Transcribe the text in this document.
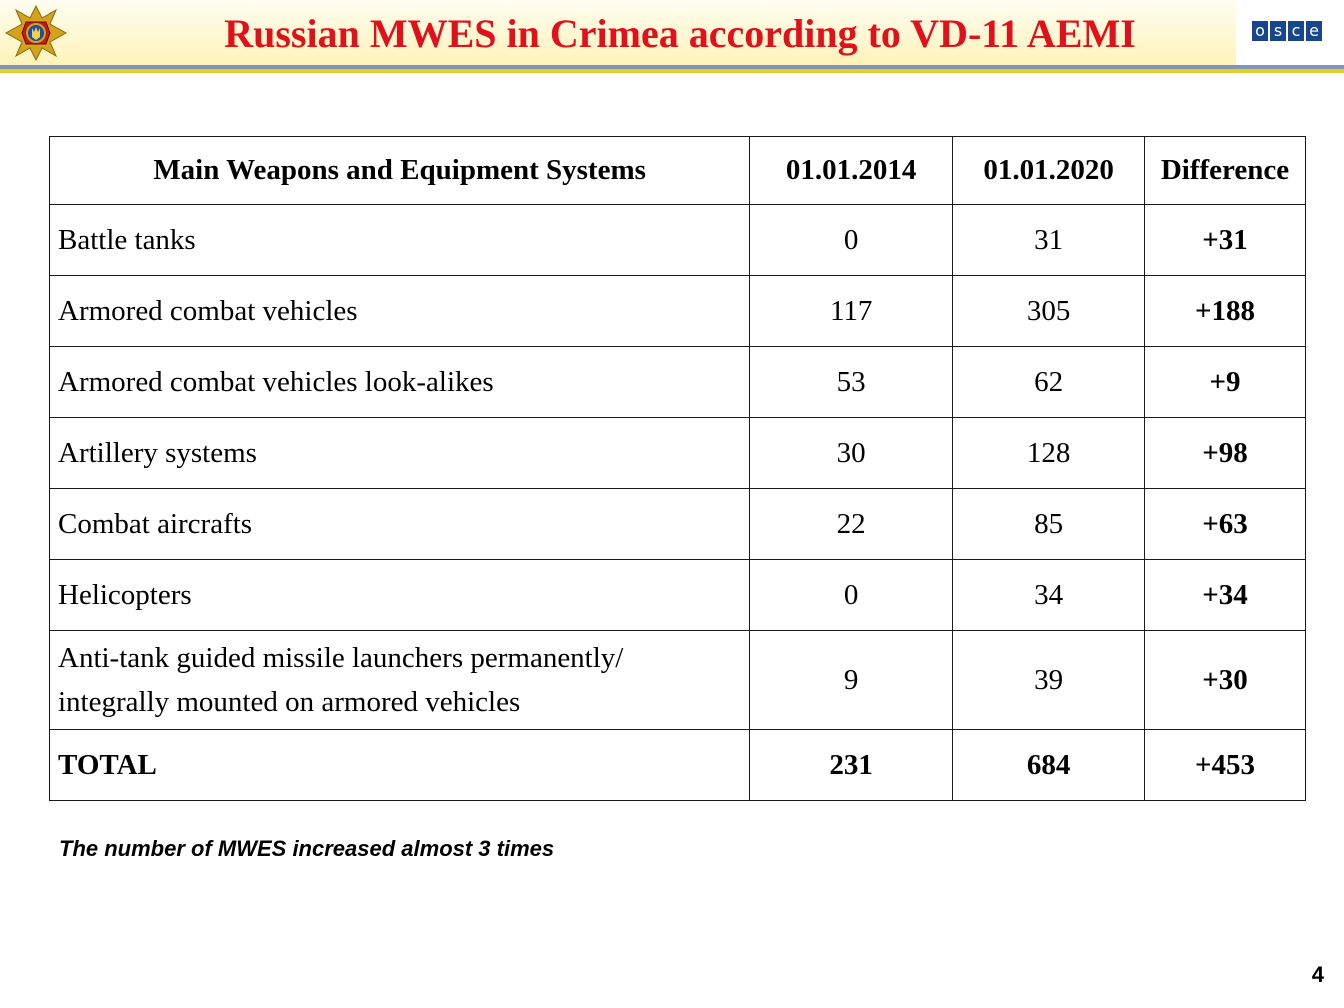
Russian MWES in Crimea according to VD-11 AEMI	o s c e
Main Weapons and Equipment Systems	01.01.2014	01.01.2020	Difference
Battle tanks	0	31	+31
Armored combat vehicles	117	305	+188
Armored combat vehicles look-alikes	53	62	+9
Artillery systems	30	128	+98
Combat aircrafts	22	85	+63
Helicopters	0	34	+34
Anti-tank guided missile launchers permanently/
integrally mounted on armored vehicles	9	39	+30
TOTAL	231	684	+453
The number of MWES increased almost 3 times
4
